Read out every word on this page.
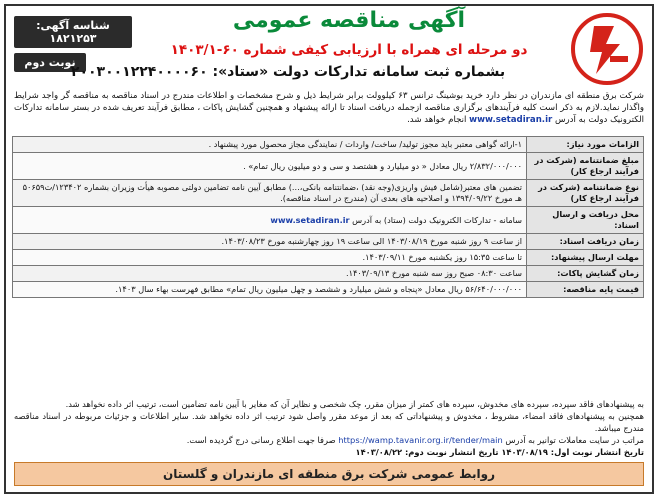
شناسه آگهی: ۱۸۲۱۲۵۳
نوبت دوم
آگهی مناقصه عمومی
دو مرحله ای همراه با ارزیابی کیفی شماره ۶۰-۱۴۰۳/۱
بشماره ثبت سامانه تدارکات دولت «ستاد»: ۲۰۰۳۰۰۱۲۲۴۰۰۰۰۶۰
شرکت برق منطقه ای مازندران در نظر دارد خرید بوشینگ ترانس ۶۳ کیلوولت برابر شرایط ذیل و شرح مشخصات و اطلاعات مندرج در اسناد مناقصه به مناقصه گر واجد شرایط واگذار نماید.لازم به ذکر است کلیه فرآیندهای برگزاری مناقصه ازجمله دریافت اسناد تا ارائه پیشنهاد و همچنین گشایش پاکات ، مطابق فرآیند تعریف شده در بستر سامانه تدارکات الکترونیک دولت به آدرس www.setadiran.ir انجام خواهد شد.
الزامات مورد نیاز:	۱-ارائه گواهی معتبر باید مجوز تولید/ ساخت/ واردات / نمایندگی مجاز محصول مورد پیشنهاد .
مبلغ ضمانتنامه (شرکت در فرآیند ارجاع کار)	۲/۸۳۲/۰۰۰/۰۰۰ ریال معادل « دو میلیارد و هشتصد و سی و دو میلیون ریال تمام» .
نوع ضمانتنامه (شرکت در فرآیند ارجاع کار)	تضمین های معتبر(شامل فیش واریزی(وجه نقد) ،ضمانتنامه بانکی،...) مطابق آیین نامه تضامین دولتی مصوبه هیأت وزیران بشماره ۱۲۳۴۰۲/ت۵۰۶۵۹ هـ مورخ ۱۳۹۴/۰۹/۲۲ و اصلاحیه های بعدی آن (مندرج در اسناد مناقصه).
محل دریافت و ارسال اسناد:	سامانه - تدارکات الکترونیک دولت (ستاد) به آدرس www.setadiran.ir
زمان دریافت اسناد:	از ساعت ۹ روز شنبه مورخ ۱۴۰۳/۰۸/۱۹ الی ساعت ۱۹ روز چهارشنبه مورخ ۱۴۰۳/۰۸/۲۳.
مهلت ارسال پیشنهاد:	تا ساعت ۱۵:۳۵ روز یکشنبه مورخ ۱۴۰۳/۰۹/۱۱.
زمان گشایش پاکات:	ساعت ۰۸:۳۰ صبح روز سه شنبه مورخ ۱۴۰۳/۰۹/۱۳.
قیمت پایه مناقصه:	۵۶/۶۴۰/۰۰۰/۰۰۰ ریال معادل «پنجاه و شش میلیارد و ششصد و چهل میلیون ریال تمام» مطابق فهرست بهاء سال ۱۴۰۳.
به پیشنهادهای فاقد سپرده، سپرده های مخدوش، سپرده های کمتر از میزان مقرر، چک شخصی و نظایر آن که مغایر با آیین نامه تضامین است، ترتیب اثر داده نخواهد شد.
همچنین به پیشنهادهای فاقد امضاء، مشروط ، مخدوش و پیشنهاداتی که بعد از موعد مقرر واصل شود ترتیب اثر داده نخواهد شد. سایر اطلاعات و جزئیات مربوطه در اسناد مناقصه مندرج میباشد.
مراتب در سایت معاملات توانیر به آدرس https://wamp.tavanir.org.ir/tender/main صرفا جهت اطلاع رسانی درج گردیده است.
تاریخ انتشار نوبت اول: ۱۴۰۳/۰۸/۱۹ تاریخ انتشار نوبت دوم: ۱۴۰۳/۰۸/۲۲
روابط عمومی شرکت برق منطقه ای مازندران و گلستان
